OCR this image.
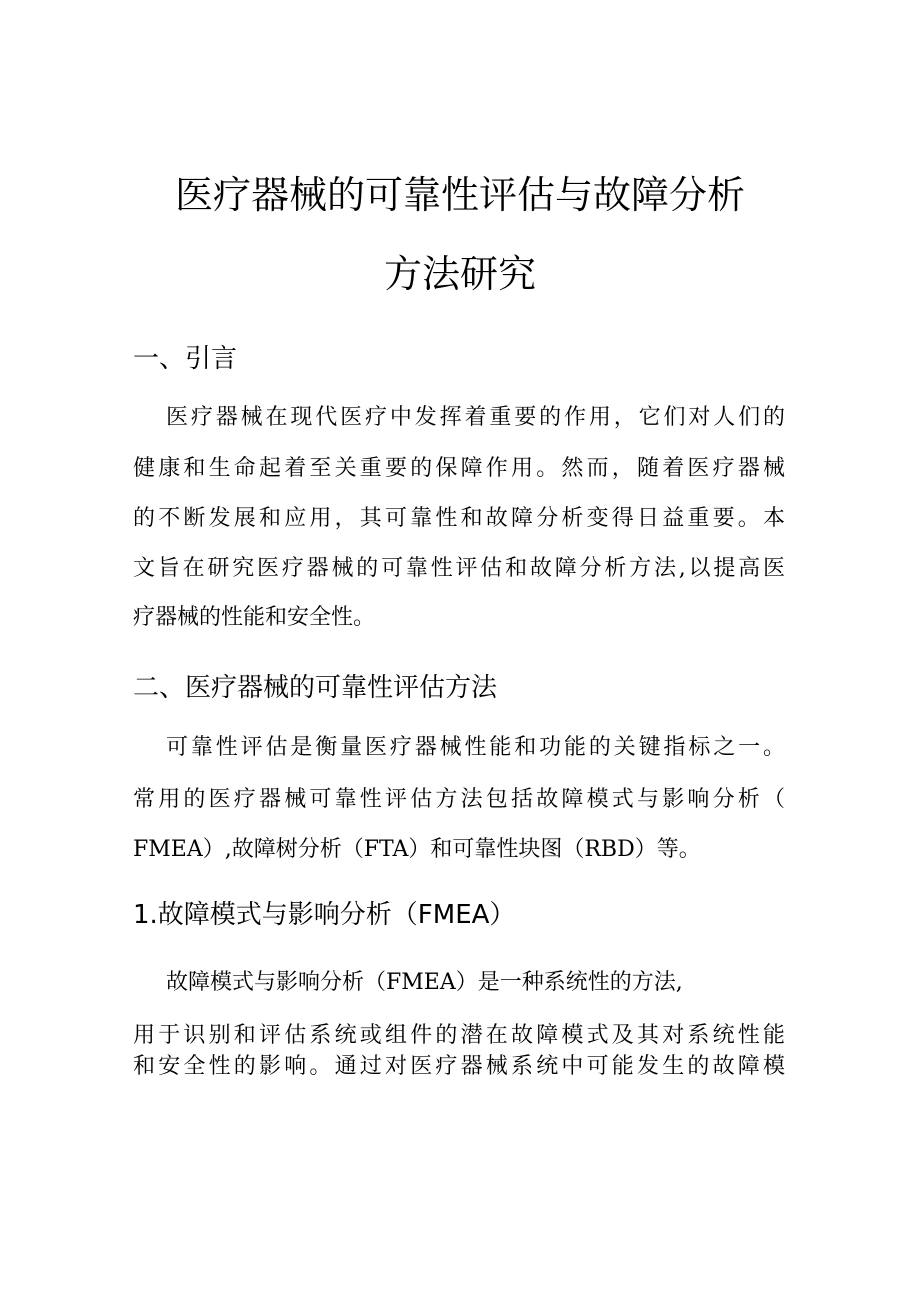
医疗器械的可靠性评估与故障分析
方法研究
一、引言
医疗器械在现代医疗中发挥着重要的作用，它们对人们的
健康和生命起着至关重要的保障作用。然而，随着医疗器械
的不断发展和应用，其可靠性和故障分析变得日益重要。本
文旨在研究医疗器械的可靠性评估和故障分析方法,以提高医
疗器械的性能和安全性。
二、医疗器械的可靠性评估方法
可靠性评估是衡量医疗器械性能和功能的关键指标之一。
常用的医疗器械可靠性评估方法包括故障模式与影响分析（
FMEA）,故障树分析（FTA）和可靠性块图（RBD）等。
1.故障模式与影响分析（FMEA）
故障模式与影响分析（FMEA）是一种系统性的方法,
用于识别和评估系统或组件的潜在故障模式及其对系统性能
和安全性的影响。通过对医疗器械系统中可能发生的故障模
